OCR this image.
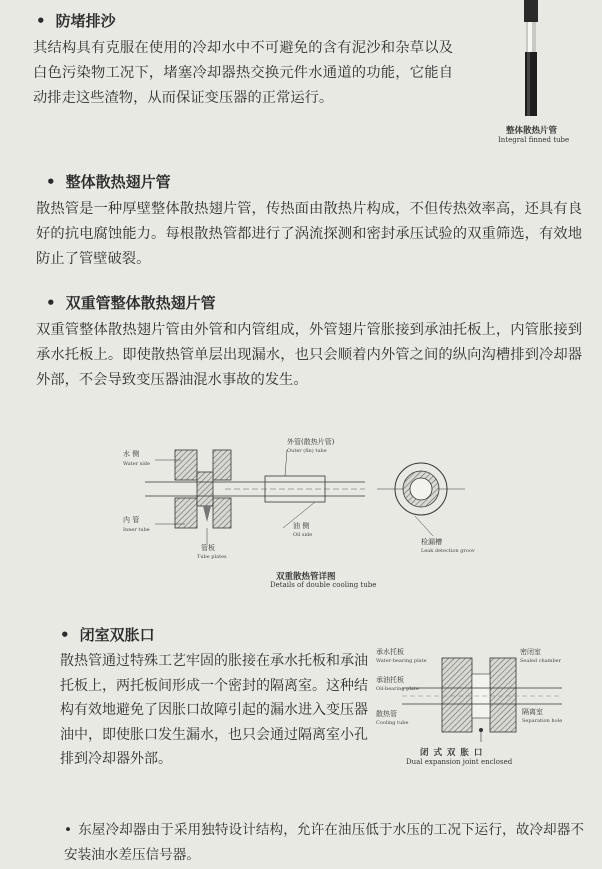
• 防堵排沙
其结构具有克服在使用的冷却水中不可避免的含有泥沙和杂草以及白色污染物工况下，堵塞冷却器热交换元件水通道的功能，它能自动排走这些渣物，从而保证变压器的正常运行。
整体散热片管
Integral finned tube
• 整体散热翅片管
散热管是一种厚壁整体散热翅片管，传热面由散热片构成，不但传热效率高，还具有良好的抗电腐蚀能力。每根散热管都进行了涡流探测和密封承压试验的双重筛选，有效地防止了管壁破裂。
• 双重管整体散热翅片管
双重管整体散热翅片管由外管和内管组成，外管翅片管胀接到承油托板上，内管胀接到承水托板上。即使散热管单层出现漏水，也只会顺着内外管之间的纵向沟槽排到冷却器外部，不会导致变压器油混水事故的发生。
水 侧
Water side
外管(散热片管)
Outer (fin) tube
内 管
Inner tube	油 侧
Oil side
管板
Tube plates
检漏槽
Leak detection grooves
双重散热管详图
Details of double cooling tube
• 闭室双胀口
散热管通过特殊工艺牢固的胀接在承水托板和承油托板上，两托板间形成一个密封的隔离室。这种结构有效地避免了因胀口故障引起的漏水进入变压器油中，即使胀口发生漏水，也只会通过隔离室小孔排到冷却器外部。
承水托板
Water-bearing plate
密闭室
Sealed chamber
承油托板
Oil-bearing plate
散热管
Cooling tube
隔离室
Separation hole
闭 式 双 胀 口
Dual expansion joint enclosed
• 东屋冷却器由于采用独特设计结构，允许在油压低于水压的工况下运行，故冷却器不安装油水差压信号器。
